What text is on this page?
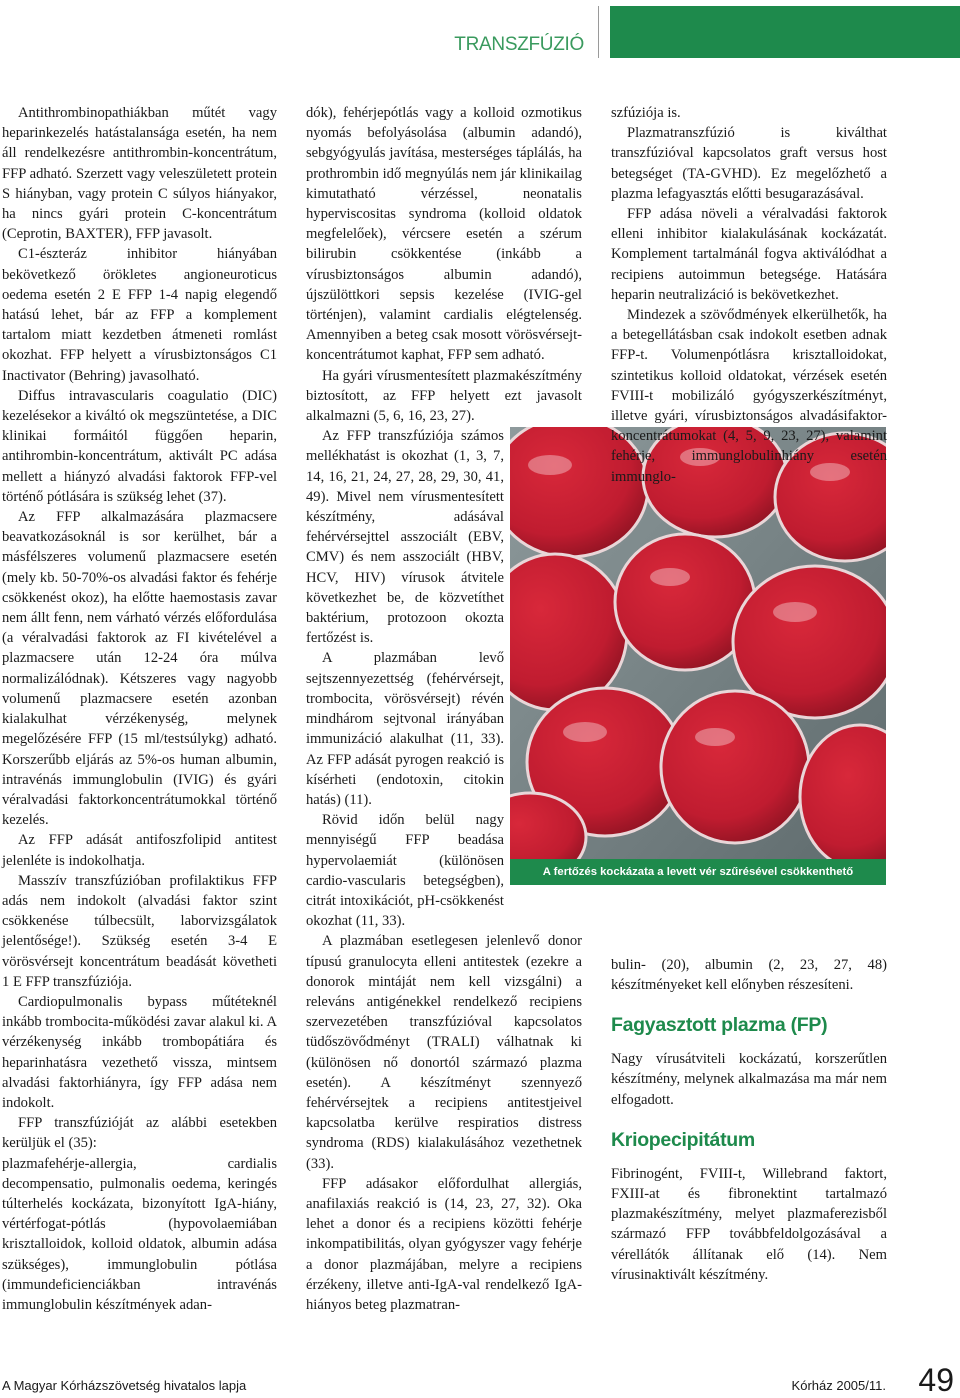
TRANSZFÚZIÓ

Antithrombinopathiákban műtét vagy heparinkezelés hatástalansága esetén, ha nem áll rendelkezésre antithrombin-koncentrátum, FFP adható. Szerzett vagy veleszületett protein S hiányban, vagy protein C súlyos hiányakor, ha nincs gyári protein C-koncentrátum (Ceprotin, BAXTER), FFP javasolt.

C1-észteráz inhibitor hiányában bekövetkező örökletes angioneuroticus oedema esetén 2 E FFP 1-4 napig elegendő hatású lehet, bár az FFP a komplement tartalom miatt kezdetben átmeneti romlást okozhat. FFP helyett a vírusbiztonságos C1 Inactivator (Behring) javasolható.

Diffus intravascularis coagulatio (DIC) kezelésekor a kiváltó ok megszüntetése, a DIC klinikai formáitól függően heparin, antihrombin-koncentrátum, aktivált PC adása mellett a hiányzó alvadási faktorok FFP-vel történő pótlására is szükség lehet (37).

Az FFP alkalmazására plazmacsere beavatkozásoknál is sor kerülhet, bár a másfélszeres volumenű plazmacsere esetén (mely kb. 50-70%-os alvadási faktor és fehérje csökkenést okoz), ha előtte haemostasis zavar nem állt fenn, nem várható vérzés előfordulása (a véralvadási faktorok az FI kivételével a plazmacsere után 12-24 óra múlva normalizálódnak). Kétszeres vagy nagyobb volumenű plazmacsere esetén azonban kialakulhat vérzékenység, melynek megelőzésére FFP (15 ml/testsúlykg) adható. Korszerűbb eljárás az 5%-os human albumin, intravénás immunglobulin (IVIG) és gyári véralvadási faktorkoncentrátumokkal történő kezelés.

Az FFP adását antifoszfolipid antitest jelenléte is indokolhatja.

Masszív transzfúzióban profilaktikus FFP adás nem indokolt (alvadási faktor szint csökkenése túlbecsült, laborvizsgálatok jelentősége!). Szükség esetén 3-4 E vörösvérsejt koncentrátum beadását követheti 1 E FFP transzfúziója.

Cardiopulmonalis bypass műtéteknél inkább trombocita-működési zavar alakul ki. A vérzékenység inkább trombopátiára és heparinhatásra vezethető vissza, mintsem alvadási faktorhiányra, így FFP adása nem indokolt.

FFP transzfúzióját az alábbi esetekben kerüljük el (35):

plazmafehérje-allergia, cardialis decompensatio, pulmonalis oedema, keringés túlterhelés kockázata, bizonyított IgA-hiány, vértérfogat-pótlás (hypovolaemiában krisztalloidok, kolloid oldatok, albumin adása szükséges), immunglobulin pótlása (immundeficienciákban intravénás immunglobulin készítmények adan-

dók), fehérjepótlás vagy a kolloid ozmotikus nyomás befolyásolása (albumin adandó), sebgyógyulás javítása, mesterséges táplálás, ha prothrombin idő megnyúlás nem jár klinikailag kimutatható vérzéssel, neonatalis hyperviscositas syndroma (kolloid oldatok megfelelőek), vércsere esetén a szérum bilirubin csökkentése (inkább a vírusbiztonságos albumin adandó), újszülöttkori sepsis kezelése (IVIG-gel történjen), valamint cardialis elégtelenség. Amennyiben a beteg csak mosott vörösvérsejt-koncentrátumot kaphat, FFP sem adható.

Ha gyári vírusmentesített plazmakészítmény biztosított, az FFP helyett ezt javasolt alkalmazni (5, 6, 16, 23, 27).

A fertőzés kockázata a levett vér szűrésével csökkenthető

Az FFP transzfúziója számos mellékhatást is okozhat (1, 3, 7, 14, 16, 21, 24, 27, 28, 29, 30, 41, 49). Mivel nem vírusmentesített készítmény, adásával fehérvérsejttel asszociált (EBV, CMV) és nem asszociált (HBV, HCV, HIV) vírusok átvitele következhet be, de közvetíthet baktérium, protozoon okozta fertőzést is.

A plazmában levő sejtszennyezettség (fehérvérsejt, trombocita, vörösvérsejt) révén mindhárom sejtvonal irányában immunizáció alakulhat (11, 33). Az FFP adását pyrogen reakció is kísérheti (endotoxin, citokin hatás) (11).

Rövid időn belül nagy mennyiségű FFP beadása hypervolaemiát (különösen cardio-vascularis betegségben), citrát intoxikációt, pH-csökkenést okozhat (11, 33).

A plazmában esetlegesen jelenlevő donor típusú granulocyta elleni antitestek (ezekre a donorok mintáját nem kell vizsgálni) a releváns antigénekkel rendelkező recipiens szervezetében transzfúzióval kapcsolatos tüdőszövődményt (TRALI) válhatnak ki (különösen nő donortól származó plazma esetén). A készítményt szennyező fehérvérsejtek a recipiens antitestjeivel kapcsolatba kerülve respiratios distress syndroma (RDS) kialakulásához vezethetnek (33).

FFP adásakor előfordulhat allergiás, anafilaxiás reakció is (14, 23, 27, 32). Oka lehet a donor és a recipiens közötti fehérje inkompatibilitás, olyan gyógyszer vagy fehérje a donor plazmájában, melyre a recipiens érzékeny, illetve anti-IgA-val rendelkező IgA-hiányos beteg plazmatran-

szfúziója is.

Plazmatranszfúzió is kiválthat transzfúzióval kapcsolatos graft versus host betegséget (TA-GVHD). Ez megelőzhető a plazma lefagyasztás előtti besugarazásával.

FFP adása növeli a véralvadási faktorok elleni inhibitor kialakulásának kockázatát. Komplement tartalmánál fogva aktiválódhat a recipiens autoimmun betegsége. Hatására heparin neutralizáció is bekövetkezhet.

Mindezek a szövődmények elkerülhetők, ha a betegellátásban csak indokolt esetben adnak FFP-t. Volumenpótlásra krisztalloidokat, szintetikus kolloid oldatokat, vérzések esetén FVIII-t mobilizáló gyógyszerkészítményt, illetve gyári, vírusbiztonságos alvadásifaktor-koncentrátumokat (4, 5, 9, 23, 27), valamint fehérje, immunglobulinhiány esetén immunglo-

bulin- (20), albumin (2, 23, 27, 48) készítményeket kell előnyben részesíteni.

Fagyasztott plazma (FP)

Nagy vírusátviteli kockázatú, korszerűtlen készítmény, melynek alkalmazása ma már nem elfogadott.

Kriopecipitátum

Fibrinogént, FVIII-t, Willebrand faktort, FXIII-at és fibronektint tartalmazó plazmakészítmény, melyet plazmaferezisből származó FFP továbbfeldolgozásával a vérellátók állítanak elő (14). Nem vírusinaktivált készítmény.

A Magyar Kórházszövetség hivatalos lapja	Kórház 2005/11.	49
